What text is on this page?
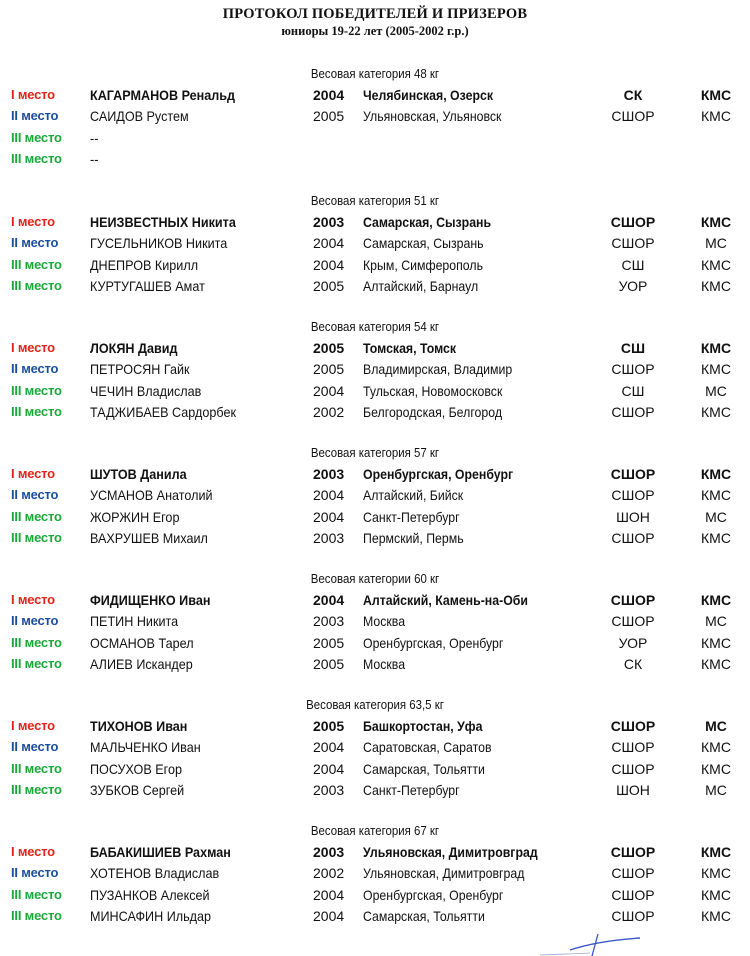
ПРОТОКОЛ ПОБЕДИТЕЛЕЙ И ПРИЗЕРОВ
юниоры 19-22 лет (2005-2002 г.р.)
Весовая категория 48 кг
I место	КАГАРМАНОВ Ренальд	2004 Челябинская, Озерск	СК	КМС
II место САИДОВ Рустем	2005 Ульяновская, Ульяновск	СШОР	КМС
III место --
III место --
Весовая категория 51 кг
I место	НЕИЗВЕСТНЫХ Никита	2003 Самарская, Сызрань	СШОР	КМС
II место ГУСЕЛЬНИКОВ Никита	2004 Самарская, Сызрань	СШОР	МС
III место ДНЕПРОВ Кирилл	2004 Крым, Симферополь	СШ	КМС
III место КУРТУГАШЕВ Амат	2005 Алтайский, Барнаул	УОР	КМС
Весовая категория 54 кг
I место	ЛОКЯН Давид	2005 Томская, Томск	СШ	КМС
II место ПЕТРОСЯН Гайк	2005 Владимирская, Владимир	СШОР	КМС
III место ЧЕЧИН Владислав	2004 Тульская, Новомосковск	СШ	МС
III место ТАДЖИБАЕВ Сардорбек	2002 Белгородская, Белгород	СШОР	КМС
Весовая категория 57 кг
I место	ШУТОВ Данила	2003 Оренбургская, Оренбург	СШОР	КМС
II место УСМАНОВ Анатолий	2004 Алтайский, Бийск	СШОР	КМС
III место ЖОРЖИН Егор	2004 Санкт-Петербург	ШОН	МС
III место ВАХРУШЕВ Михаил	2003 Пермский, Пермь	СШОР	КМС
Весовая категории 60 кг
I место	ФИДИЩЕНКО Иван	2004 Алтайский, Камень-на-Оби	СШОР	КМС
II место ПЕТИН Никита	2003 Москва	СШОР	МС
III место ОСМАНОВ Тарел	2005 Оренбургская, Оренбург	УОР	КМС
III место АЛИЕВ Искандер	2005 Москва	СК	КМС
Весовая категория 63,5 кг
I место	ТИХОНОВ Иван	2005 Башкортостан, Уфа	СШОР	МС
II место МАЛЬЧЕНКО Иван	2004 Саратовская, Саратов	СШОР	КМС
III место ПОСУХОВ Егор	2004 Самарская, Тольятти	СШОР	КМС
III место ЗУБКОВ Сергей	2003 Санкт-Петербург	ШОН	МС
Весовая категория 67 кг
I место	БАБАКИШИЕВ Рахман	2003 Ульяновская, Димитровград	СШОР	КМС
II место ХОТЕНОВ Владислав	2002 Ульяновская, Димитровград	СШОР	КМС
III место ПУЗАНКОВ Алексей	2004 Оренбургская, Оренбург	СШОР	КМС
III место МИНСАФИН Ильдар	2004 Самарская, Тольятти	СШОР	КМС
